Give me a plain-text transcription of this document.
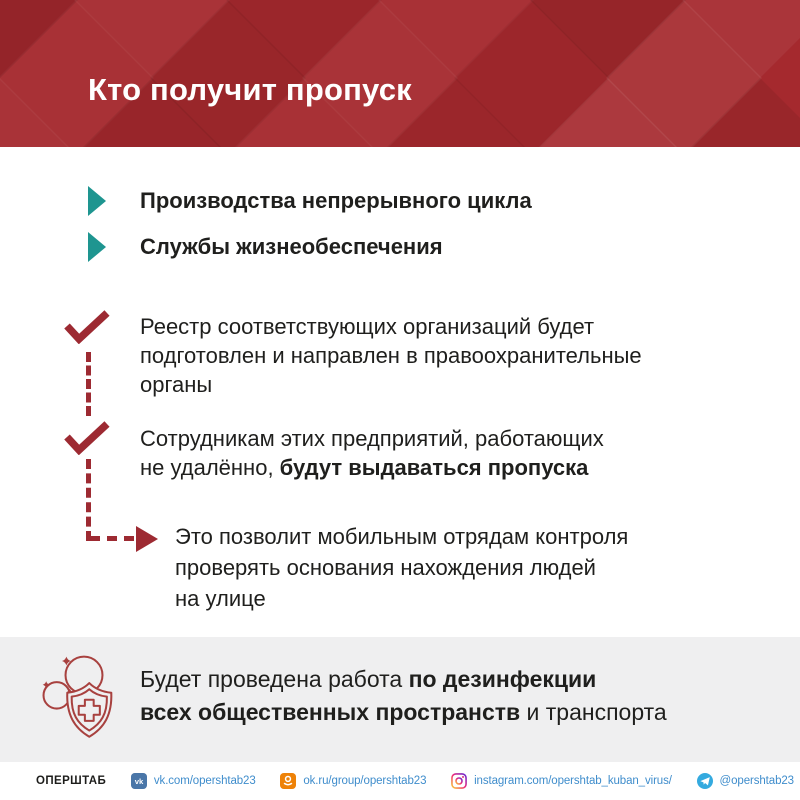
Кто получит пропуск
Производства непрерывного цикла
Службы жизнеобеспечения
Реестр соответствующих организаций будет
подготовлен и направлен в правоохранительные
органы
Сотрудникам этих предприятий, работающих
не удалённо, будут выдаваться пропуска
Это позволит мобильным отрядам контроля
проверять основания нахождения людей
на улице
Будет проведена работа по дезинфекции
всех общественных пространств и транспорта
ОПЕРШТАБ	vk vk.com/opershtab23	ok.ru/group/opershtab23	instagram.com/opershtab_kuban_virus/	@opershtab23
